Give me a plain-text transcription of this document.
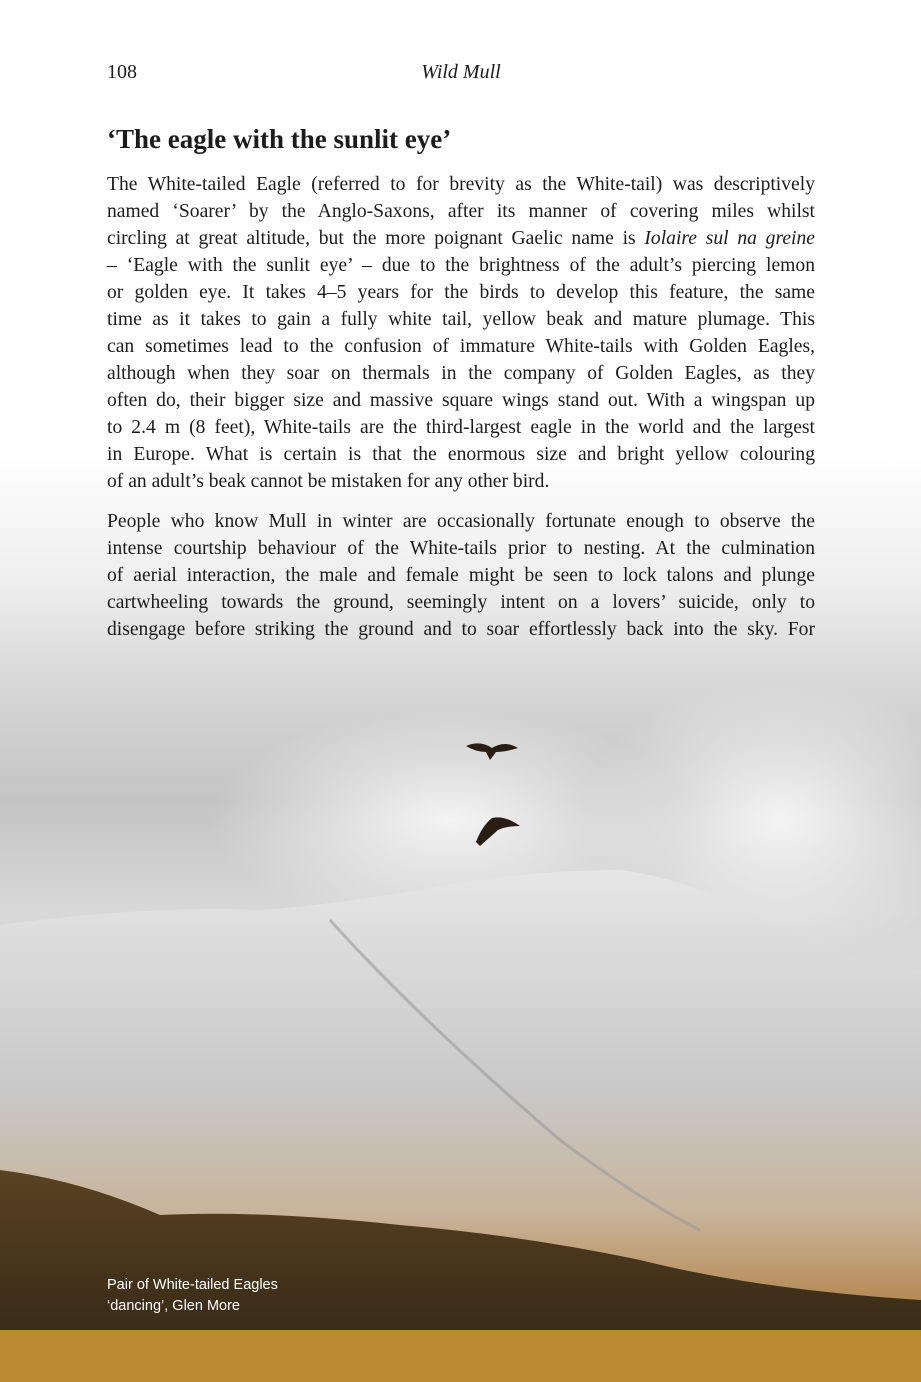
108	Wild Mull
‘The eagle with the sunlit eye’
The White-tailed Eagle (referred to for brevity as the White-tail) was descriptively
named ‘Soarer’ by the Anglo-Saxons, after its manner of covering miles whilst
circling at great altitude, but the more poignant Gaelic name is Iolaire sul na greine
– ‘Eagle with the sunlit eye’ – due to the brightness of the adult’s piercing lemon
or golden eye. It takes 4–5 years for the birds to develop this feature, the same
time as it takes to gain a fully white tail, yellow beak and mature plumage. This
can sometimes lead to the confusion of immature White-tails with Golden Eagles,
although when they soar on thermals in the company of Golden Eagles, as they
often do, their bigger size and massive square wings stand out. With a wingspan up
to 2.4 m (8 feet), White-tails are the third-largest eagle in the world and the largest
in Europe. What is certain is that the enormous size and bright yellow colouring
of an adult’s beak cannot be mistaken for any other bird.
People who know Mull in winter are occasionally fortunate enough to observe the
intense courtship behaviour of the White-tails prior to nesting. At the culmination
of aerial interaction, the male and female might be seen to lock talons and plunge
cartwheeling towards the ground, seemingly intent on a lovers’ suicide, only to
disengage before striking the ground and to soar effortlessly back into the sky. For
Pair of White-tailed Eagles
‘dancing’, Glen More
